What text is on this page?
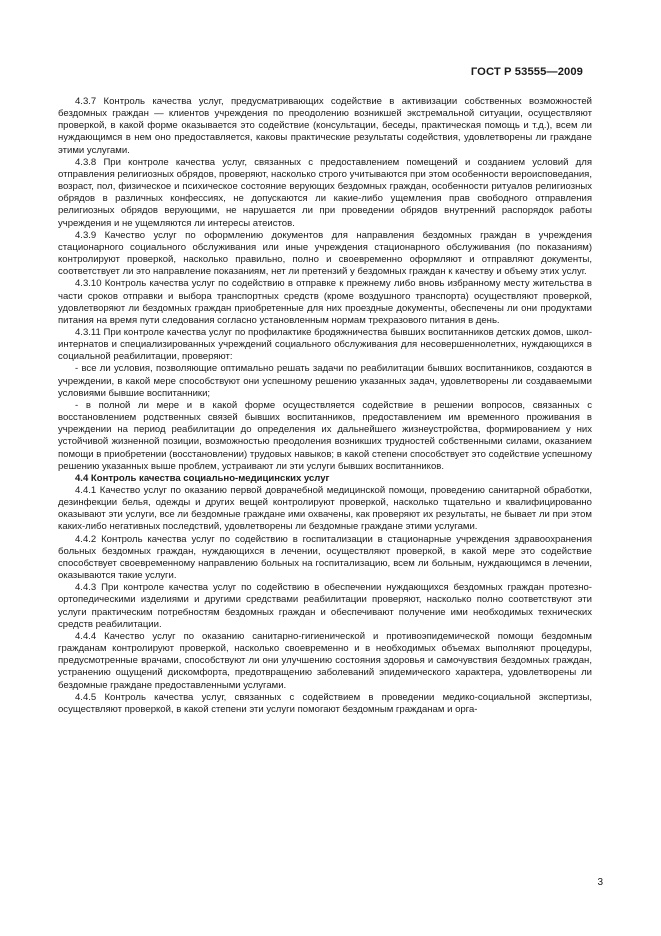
ГОСТ Р 53555—2009

4.3.7 Контроль качества услуг, предусматривающих содействие в активизации собственных возможностей бездомных граждан — клиентов учреждения по преодолению возникшей экстремальной ситуации, осуществляют проверкой, в какой форме оказывается это содействие (консультации, беседы, практическая помощь и т.д.), всем ли нуждающимся в нем оно предоставляется, каковы практические результаты содействия, удовлетворены ли граждане этими услугами.

4.3.8 При контроле качества услуг, связанных с предоставлением помещений и созданием условий для отправления религиозных обрядов, проверяют, насколько строго учитываются при этом особенности вероисповедания, возраст, пол, физическое и психическое состояние верующих бездомных граждан, особенности ритуалов религиозных обрядов в различных конфессиях, не допускаются ли какие-либо ущемления прав свободного отправления религиозных обрядов верующими, не нарушается ли при проведении обрядов внутренний распорядок работы учреждения и не ущемляются ли интересы атеистов.

4.3.9 Качество услуг по оформлению документов для направления бездомных граждан в учреждения стационарного социального обслуживания или иные учреждения стационарного обслуживания (по показаниям) контролируют проверкой, насколько правильно, полно и своевременно оформляют и отправляют документы, соответствует ли это направление показаниям, нет ли претензий у бездомных граждан к качеству и объему этих услуг.

4.3.10 Контроль качества услуг по содействию в отправке к прежнему либо вновь избранному месту жительства в части сроков отправки и выбора транспортных средств (кроме воздушного транспорта) осуществляют проверкой, удовлетворяют ли бездомных граждан приобретенные для них проездные документы, обеспечены ли они продуктами питания на время пути следования согласно установленным нормам трехразового питания в день.

4.3.11 При контроле качества услуг по профилактике бродяжничества бывших воспитанников детских домов, школ-интернатов и специализированных учреждений социального обслуживания для несовершеннолетних, нуждающихся в социальной реабилитации, проверяют:

- все ли условия, позволяющие оптимально решать задачи по реабилитации бывших воспитанников, создаются в учреждении, в какой мере способствуют они успешному решению указанных задач, удовлетворены ли создаваемыми условиями бывшие воспитанники;

- в полной ли мере и в какой форме осуществляется содействие в решении вопросов, связанных с восстановлением родственных связей бывших воспитанников, предоставлением им временного проживания в учреждении на период реабилитации до определения их дальнейшего жизнеустройства, формированием у них устойчивой жизненной позиции, возможностью преодоления возникших трудностей собственными силами, оказанием помощи в приобретении (восстановлении) трудовых навыков; в какой степени способствует это содействие успешному решению указанных выше проблем, устраивают ли эти услуги бывших воспитанников.

4.4 Контроль качества социально-медицинских услуг

4.4.1 Качество услуг по оказанию первой доврачебной медицинской помощи, проведению санитарной обработки, дезинфекции белья, одежды и других вещей контролируют проверкой, насколько тщательно и квалифицированно оказывают эти услуги, все ли бездомные граждане ими охвачены, как проверяют их результаты, не бывает ли при этом каких-либо негативных последствий, удовлетворены ли бездомные граждане этими услугами.

4.4.2 Контроль качества услуг по содействию в госпитализации в стационарные учреждения здравоохранения больных бездомных граждан, нуждающихся в лечении, осуществляют проверкой, в какой мере это содействие способствует своевременному направлению больных на госпитализацию, всем ли больным, нуждающимся в лечении, оказываются такие услуги.

4.4.3 При контроле качества услуг по содействию в обеспечении нуждающихся бездомных граждан протезно-ортопедическими изделиями и другими средствами реабилитации проверяют, насколько полно соответствуют эти услуги практическим потребностям бездомных граждан и обеспечивают получение ими необходимых технических средств реабилитации.

4.4.4 Качество услуг по оказанию санитарно-гигиенической и противоэпидемической помощи бездомным гражданам контролируют проверкой, насколько своевременно и в необходимых объемах выполняют процедуры, предусмотренные врачами, способствуют ли они улучшению состояния здоровья и самочувствия бездомных граждан, устранению ощущений дискомфорта, предотвращению заболеваний эпидемического характера, удовлетворены ли бездомные граждане предоставленными услугами.

4.4.5 Контроль качества услуг, связанных с содействием в проведении медико-социальной экспертизы, осуществляют проверкой, в какой степени эти услуги помогают бездомным гражданам и орга-

3
